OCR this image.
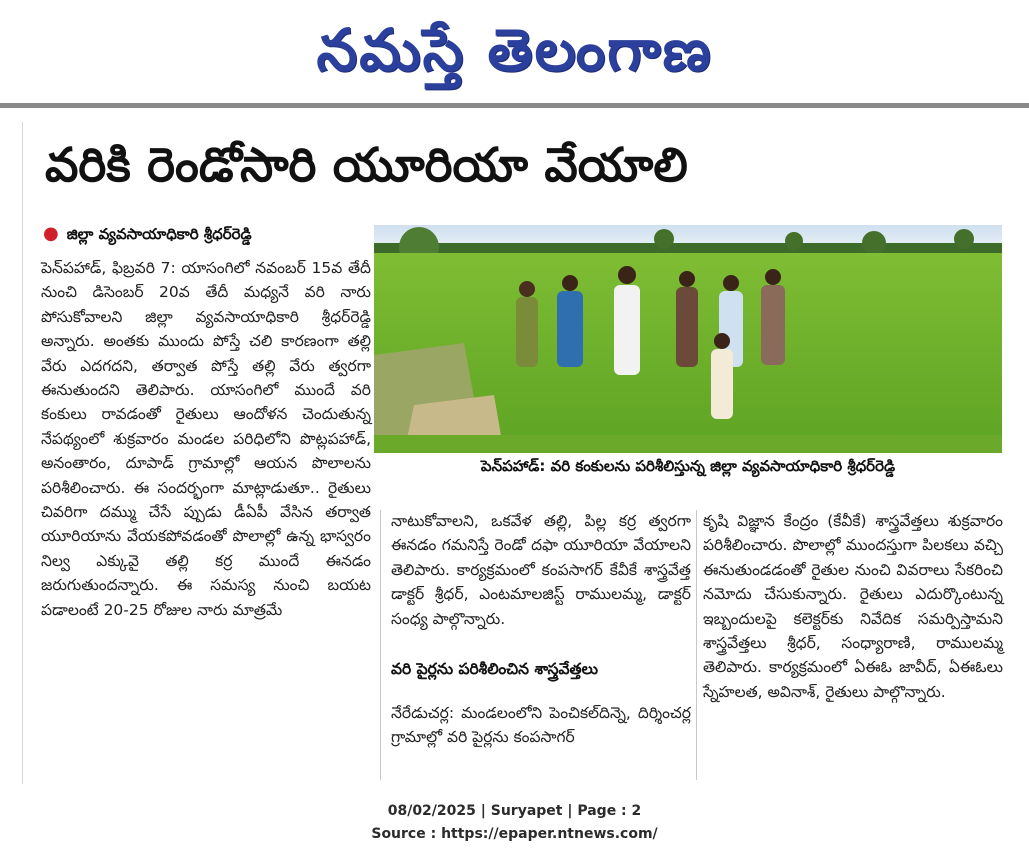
నమస్తే తెలంగాణ
వరికి రెండోసారి యూరియా వేయాలి
● జిల్లా వ్యవసాయాధికారి శ్రీధర్‌రెడ్డి
పెన్‌పహాడ్, ఫిబ్రవరి 7: యాసంగిలో నవంబర్ 15వ తేదీ నుంచి డిసెంబర్ 20వ తేదీ మధ్యనే వరి నారు పోసుకోవాలని జిల్లా వ్యవసాయాధికారి శ్రీధర్‌రెడ్డి అన్నారు. అంతకు ముందు పోస్తే చలి కారణంగా తల్లి వేరు ఎదగదని, తర్వాత పోస్తే తల్లి వేరు త్వరగా ఈనుతుందని తెలిపారు. యాసంగిలో ముందే వరి కంకులు రావడంతో రైతులు ఆందోళన చెందుతున్న నేపథ్యంలో శుక్రవారం మండల పరిధిలోని పొట్లపహాడ్, అనంతారం, దూపాడ్ గ్రామాల్లో ఆయన పొలాలను పరిశీలించారు. ఈ సందర్భంగా మాట్లాడుతూ.. రైతులు చివరిగా దమ్ము చేసే ప్పుడు డీఏపీ వేసిన తర్వాత యూరియాను వేయకపోవడంతో పొలాల్లో ఉన్న భాస్వరం నిల్వ ఎక్కువై తల్లి కర్ర ముందే ఈనడం జరుగుతుందన్నారు. ఈ సమస్య నుంచి బయట పడాలంటే 20-25 రోజుల నారు మాత్రమే
పెన్‌పహాడ్: వరి కంకులను పరిశీలిస్తున్న జిల్లా వ్యవసాయాధికారి శ్రీధర్‌రెడ్డి
నాటుకోవాలని, ఒకవేళ తల్లి, పిల్ల కర్ర త్వరగా ఈనడం గమనిస్తే రెండో దఫా యూరియా వేయాలని తెలిపారు. కార్యక్రమంలో కంపసాగర్ కేవీకే శాస్త్రవేత్త డాక్టర్ శ్రీధర్, ఎంటమాలజిస్ట్ రాములమ్మ, డాక్టర్ సంధ్య పాల్గొన్నారు.
వరి పైర్లను పరిశీలించిన శాస్త్రవేత్తలు
నేరేడుచర్ల: మండలంలోని పెంచికల్‌దిన్నె, దిర్శించర్ల గ్రామాల్లో వరి పైర్లను కంపసాగర్
కృషి విజ్ఞాన కేంద్రం (కేవీకే) శాస్త్రవేత్తలు శుక్రవారం పరిశీలించారు. పొలాల్లో ముందస్తుగా పిలకలు వచ్చి ఈనుతుండడంతో రైతుల నుంచి వివరాలు సేకరించి నమోదు చేసుకున్నారు. రైతులు ఎదుర్కొంటున్న ఇబ్బందులపై కలెక్టర్‌కు నివేదిక సమర్పిస్తామని శాస్త్రవేత్తలు శ్రీధర్, సంధ్యారాణి, రాములమ్మ తెలిపారు. కార్యక్రమంలో ఏఈఓ జావీద్, ఏఈఓలు స్నేహలత, అవినాశ్, రైతులు పాల్గొన్నారు.
08/02/2025 | Suryapet | Page : 2
Source : https://epaper.ntnews.com/
